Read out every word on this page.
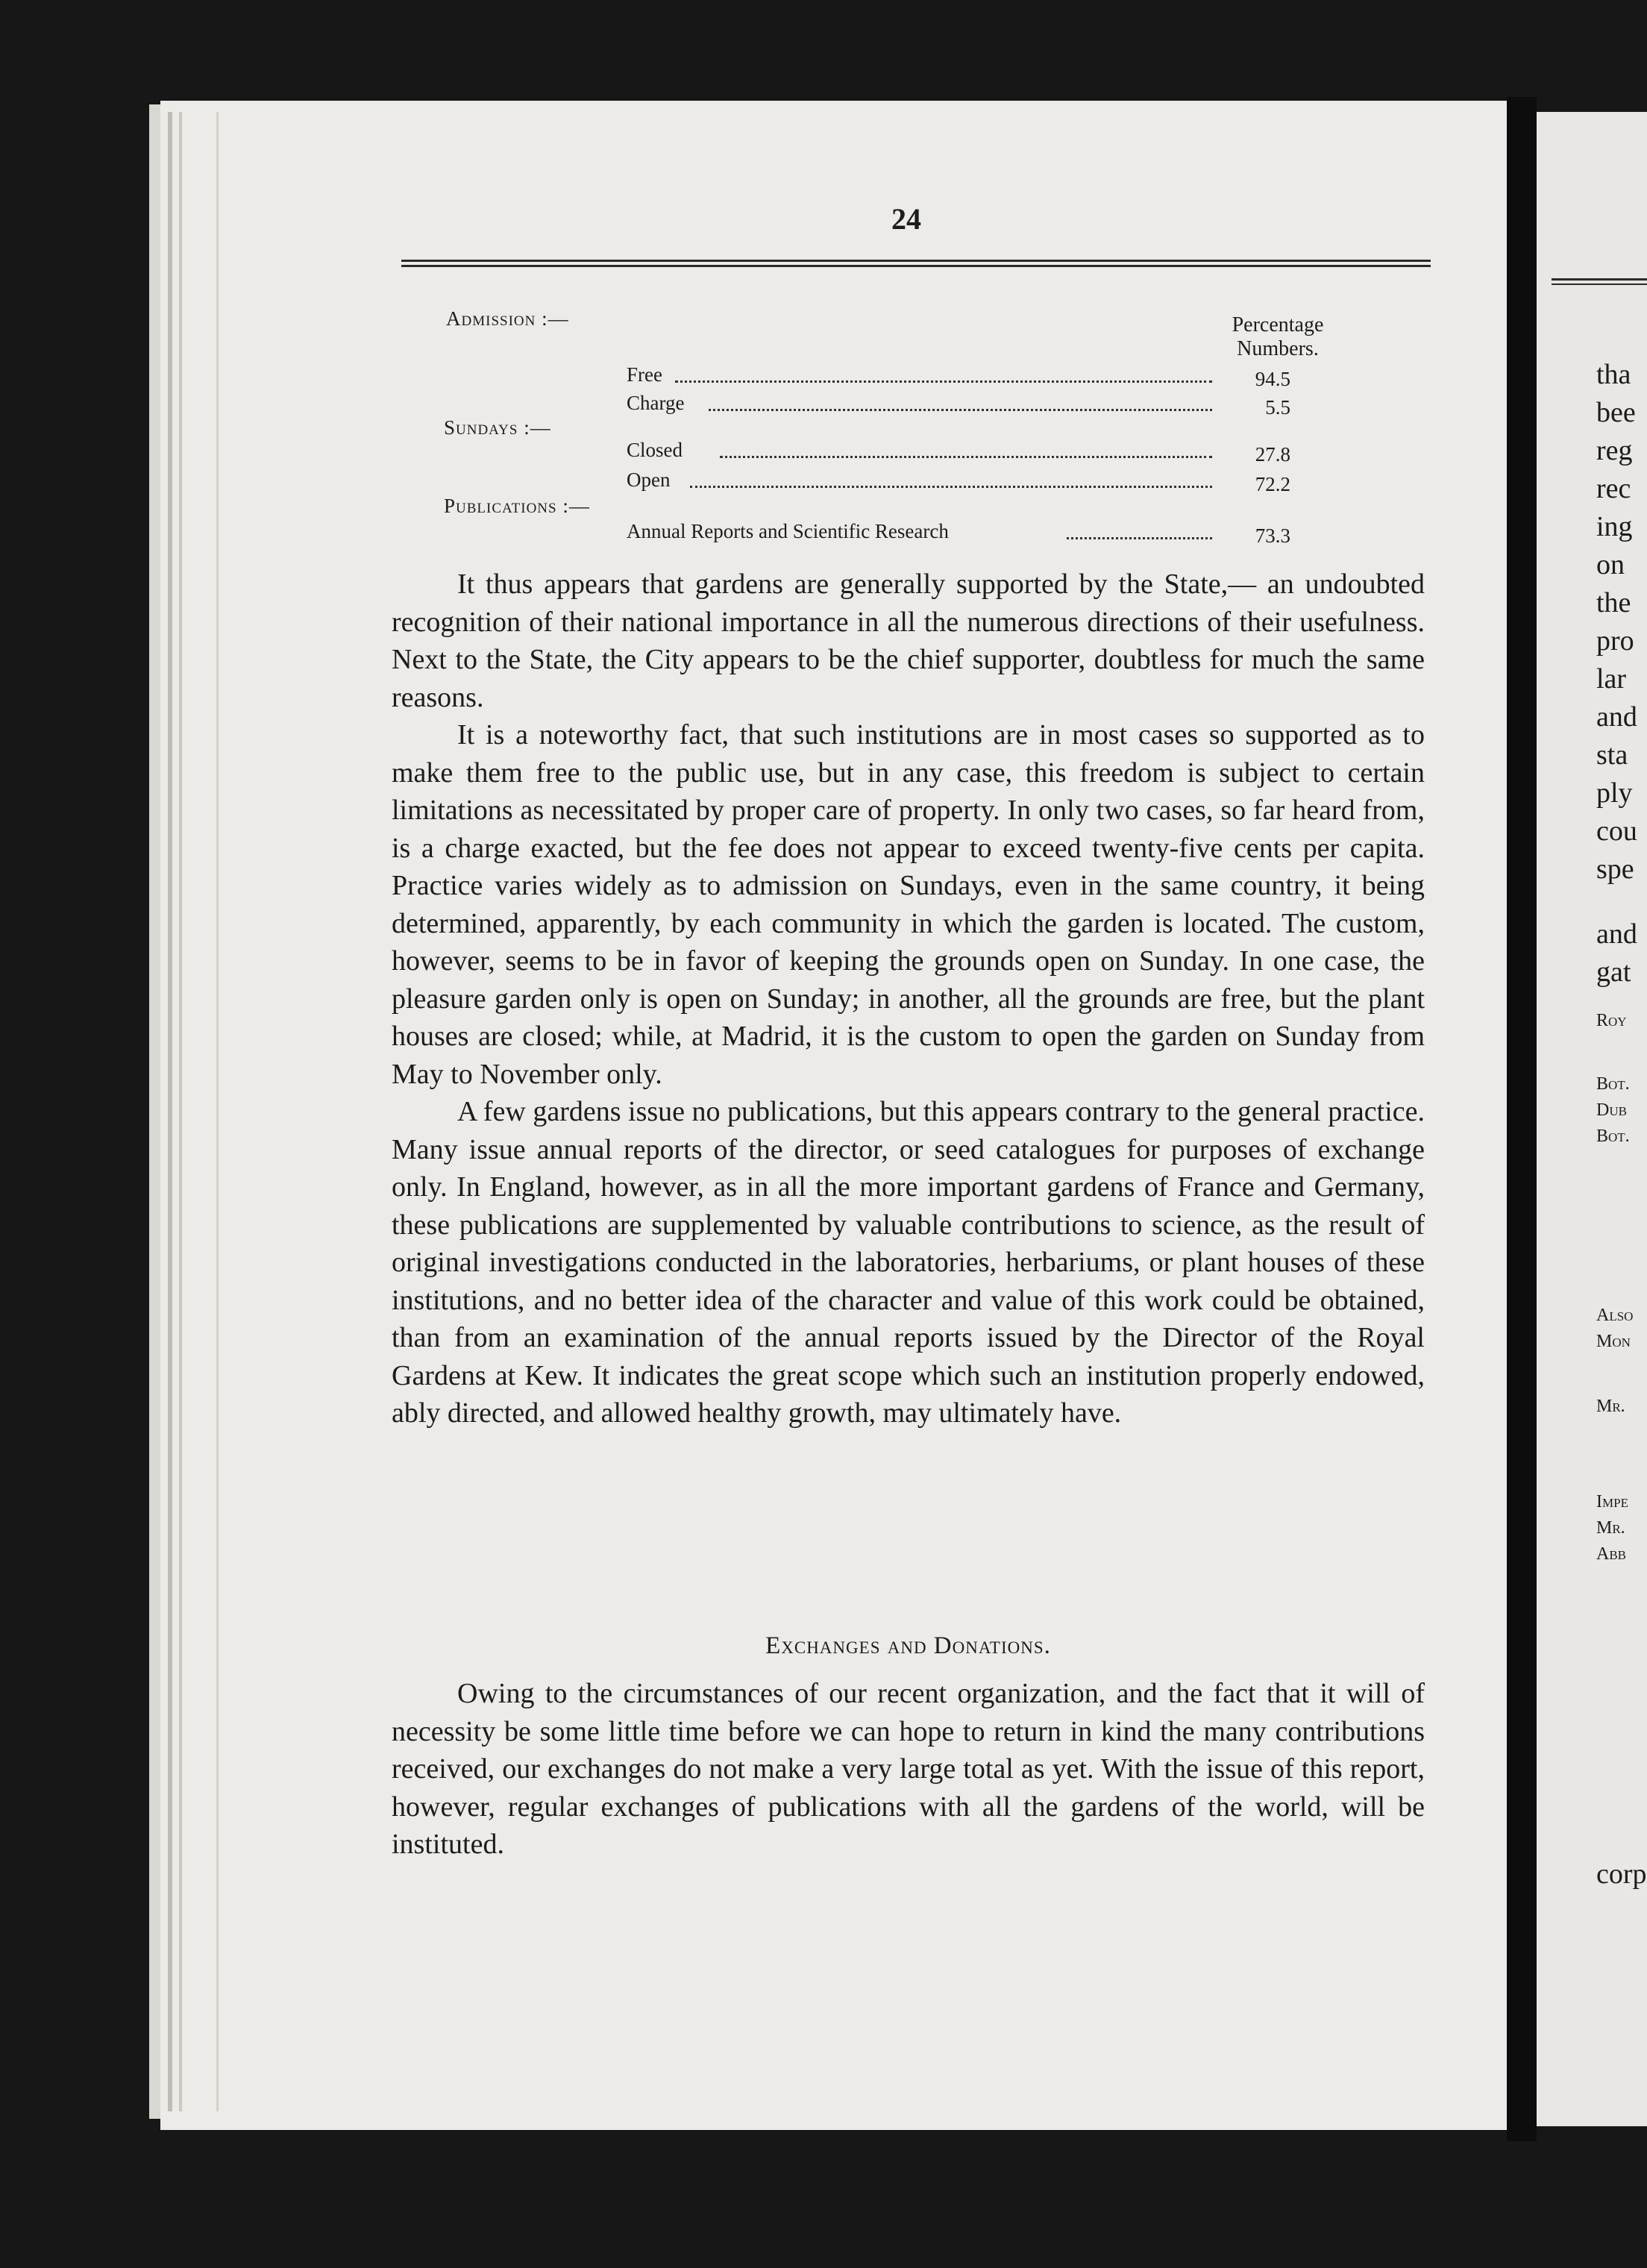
tha
bee
reg
rec
ing
on
the
pro
lar
and
sta
ply
cou
spe
and
gat
Roy
Bot.
Dub
Bot.
Also
Mon
Mr.
Impe
Mr.
Abb
corp
24
Percentage Numbers.
Admission :—
Free	94.5
Charge	5.5
Sundays :—
Closed	27.8
Open	72.2
Publications :—
Annual Reports and Scientific Research	73.3

It thus appears that gardens are generally supported by the State,— an undoubted recognition of their national importance in all the numerous directions of their usefulness. Next to the State, the City appears to be the chief supporter, doubtless for much the same reasons.

It is a noteworthy fact, that such institutions are in most cases so supported as to make them free to the public use, but in any case, this freedom is subject to certain limitations as necessitated by proper care of property. In only two cases, so far heard from, is a charge exacted, but the fee does not appear to exceed twenty-five cents per capita. Practice varies widely as to admission on Sundays, even in the same country, it being determined, apparently, by each community in which the garden is located. The custom, however, seems to be in favor of keeping the grounds open on Sunday. In one case, the pleasure garden only is open on Sunday; in another, all the grounds are free, but the plant houses are closed; while, at Madrid, it is the custom to open the garden on Sunday from May to November only.

A few gardens issue no publications, but this appears contrary to the general practice. Many issue annual reports of the director, or seed catalogues for purposes of exchange only. In England, however, as in all the more important gardens of France and Germany, these publications are supplemented by valuable contributions to science, as the result of original investigations conducted in the laboratories, herbariums, or plant houses of these institutions, and no better idea of the character and value of this work could be obtained, than from an examination of the annual reports issued by the Director of the Royal Gardens at Kew. It indicates the great scope which such an institution properly endowed, ably directed, and allowed healthy growth, may ultimately have.

Exchanges and Donations.

Owing to the circumstances of our recent organization, and the fact that it will of necessity be some little time before we can hope to return in kind the many contributions received, our exchanges do not make a very large total as yet. With the issue of this report, however, regular exchanges of publications with all the gardens of the world, will be instituted.
